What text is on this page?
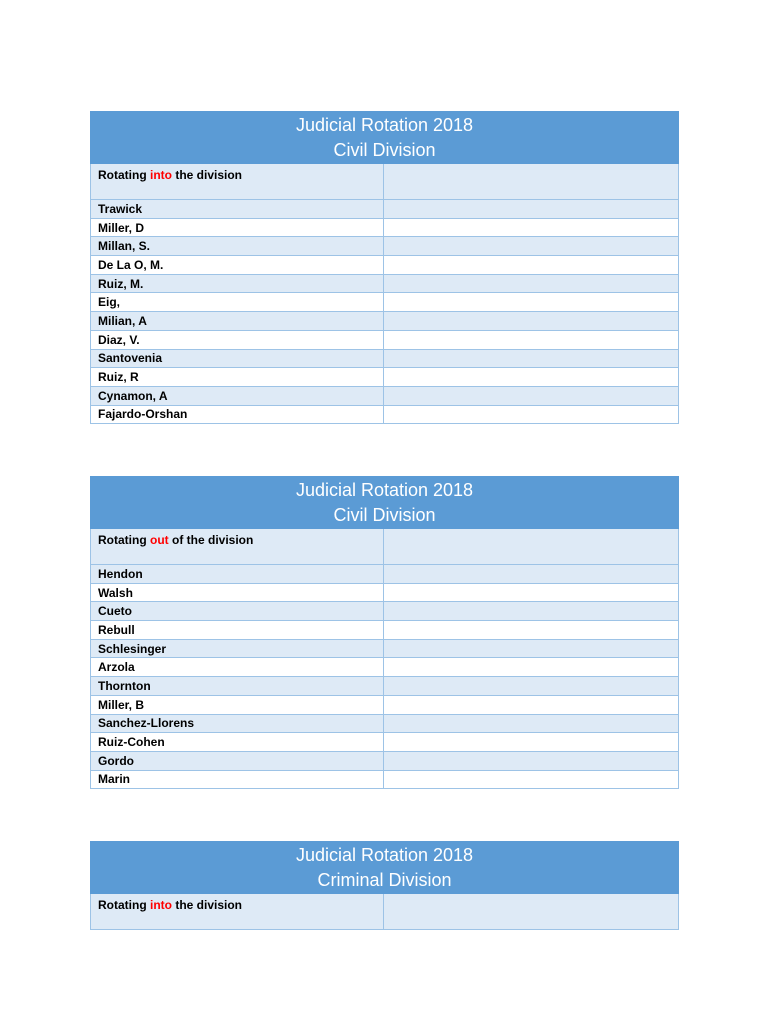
Judicial Rotation 2018
Civil Division	

Rotating into the division	
Trawick	
Miller, D	
Millan, S.	
De La O, M.	
Ruiz, M.	
Eig,	
Milian, A	
Diaz, V.	
Santovenia	
Ruiz, R	
Cynamon, A	
Fajardo-Orshan	
Judicial Rotation 2018
Civil Division	

Rotating out of the division	
Hendon	
Walsh	
Cueto	
Rebull	
Schlesinger	
Arzola	
Thornton	
Miller, B	
Sanchez-Llorens	
Ruiz-Cohen	
Gordo	
Marin	
Judicial Rotation 2018
Criminal Division

Rotating into the division	
